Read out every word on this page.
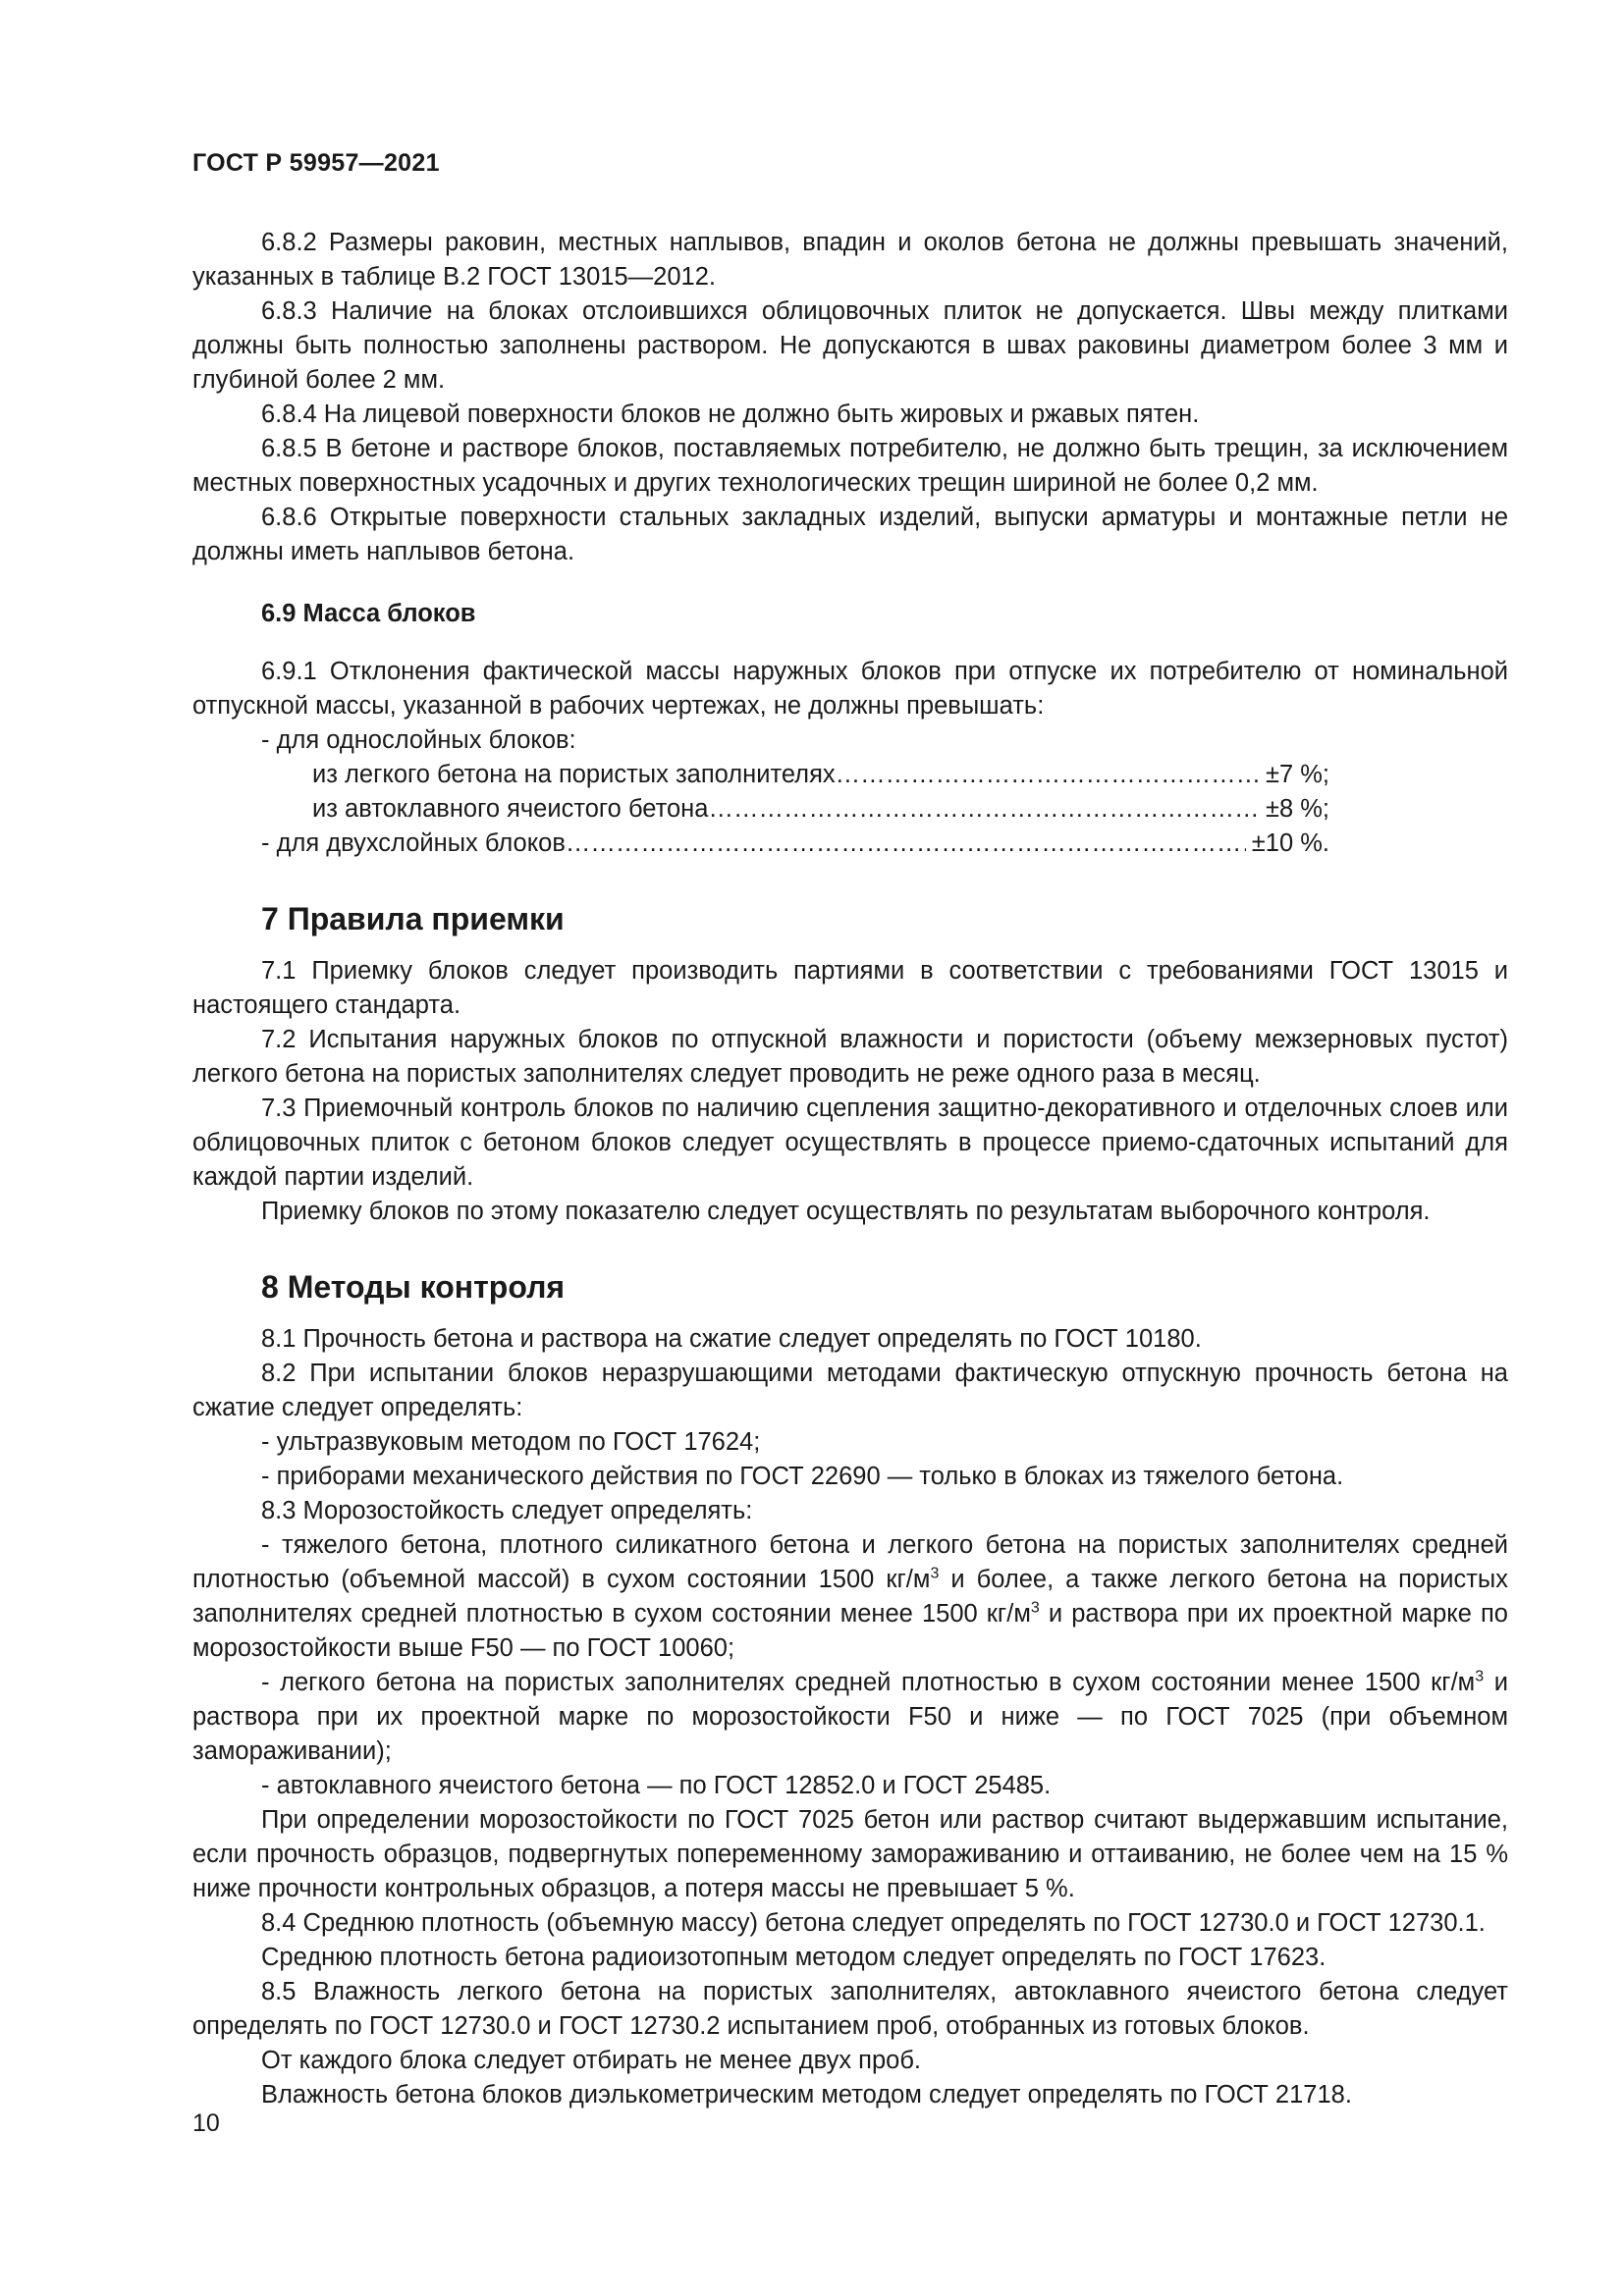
ГОСТ Р 59957—2021

6.8.2 Размеры раковин, местных наплывов, впадин и околов бетона не должны превышать значений, указанных в таблице В.2 ГОСТ 13015—2012.

6.8.3 Наличие на блоках отслоившихся облицовочных плиток не допускается. Швы между плитками должны быть полностью заполнены раствором. Не допускаются в швах раковины диаметром более 3 мм и глубиной более 2 мм.

6.8.4 На лицевой поверхности блоков не должно быть жировых и ржавых пятен.

6.8.5 В бетоне и растворе блоков, поставляемых потребителю, не должно быть трещин, за исключением местных поверхностных усадочных и других технологических трещин шириной не более 0,2 мм.

6.8.6 Открытые поверхности стальных закладных изделий, выпуски арматуры и монтажные петли не должны иметь наплывов бетона.

6.9 Масса блоков

6.9.1 Отклонения фактической массы наружных блоков при отпуске их потребителю от номинальной отпускной массы, указанной в рабочих чертежах, не должны превышать:

- для однослойных блоков:

из легкого бетона на пористых заполнителях …………………………………………………………………………………………………………………	±7 %;
из автоклавного ячеистого бетона …………………………………………………………………………………………………………………	±8 %;
- для двухслойных блоков …………………………………………………………………………………………………………………	±10 %.
7 Правила приемки

7.1 Приемку блоков следует производить партиями в соответствии с требованиями ГОСТ 13015 и настоящего стандарта.

7.2 Испытания наружных блоков по отпускной влажности и пористости (объему межзерновых пустот) легкого бетона на пористых заполнителях следует проводить не реже одного раза в месяц.

7.3 Приемочный контроль блоков по наличию сцепления защитно-декоративного и отделочных слоев или облицовочных плиток с бетоном блоков следует осуществлять в процессе приемо-сдаточных испытаний для каждой партии изделий.

Приемку блоков по этому показателю следует осуществлять по результатам выборочного контроля.

8 Методы контроля

8.1 Прочность бетона и раствора на сжатие следует определять по ГОСТ 10180.

8.2 При испытании блоков неразрушающими методами фактическую отпускную прочность бетона на сжатие следует определять:

- ультразвуковым методом по ГОСТ 17624;

- приборами механического действия по ГОСТ 22690 — только в блоках из тяжелого бетона.

8.3 Морозостойкость следует определять:

- тяжелого бетона, плотного силикатного бетона и легкого бетона на пористых заполнителях средней плотностью (объемной массой) в сухом состоянии 1500 $кг/м^3$ и более, а также легкого бетона на пористых заполнителях средней плотностью в сухом состоянии менее 1500 $кг/м^3$ и раствора при их проектной марке по морозостойкости выше F50 — по ГОСТ 10060;

- легкого бетона на пористых заполнителях средней плотностью в сухом состоянии менее 1500 $кг/м^3$ и раствора при их проектной марке по морозостойкости F50 и ниже — по ГОСТ 7025 (при объемном замораживании);

- автоклавного ячеистого бетона — по ГОСТ 12852.0 и ГОСТ 25485.

При определении морозостойкости по ГОСТ 7025 бетон или раствор считают выдержавшим испытание, если прочность образцов, подвергнутых попеременному замораживанию и оттаиванию, не более чем на 15 % ниже прочности контрольных образцов, а потеря массы не превышает 5 %.

8.4 Среднюю плотность (объемную массу) бетона следует определять по ГОСТ 12730.0 и ГОСТ 12730.1.

Среднюю плотность бетона радиоизотопным методом следует определять по ГОСТ 17623.

8.5 Влажность легкого бетона на пористых заполнителях, автоклавного ячеистого бетона следует определять по ГОСТ 12730.0 и ГОСТ 12730.2 испытанием проб, отобранных из готовых блоков.

От каждого блока следует отбирать не менее двух проб.

Влажность бетона блоков диэлькометрическим методом следует определять по ГОСТ 21718.

10
